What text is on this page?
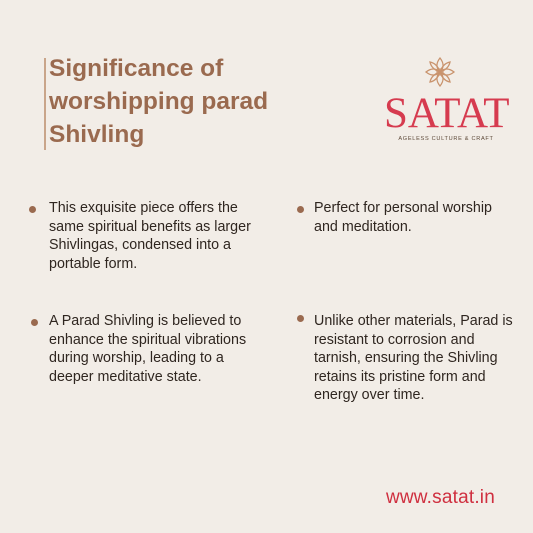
Significance of
worshipping parad
Shivling	SATAT
AGELESS CULTURE & CRAFT

This exquisite piece offers the same spiritual benefits as larger Shivlingas, condensed into a portable form.

Perfect for personal worship and meditation.

A Parad Shivling is believed to enhance the spiritual vibrations during worship, leading to a deeper meditative state.

Unlike other materials, Parad is resistant to corrosion and tarnish, ensuring the Shivling retains its pristine form and energy over time.

www.satat.in
